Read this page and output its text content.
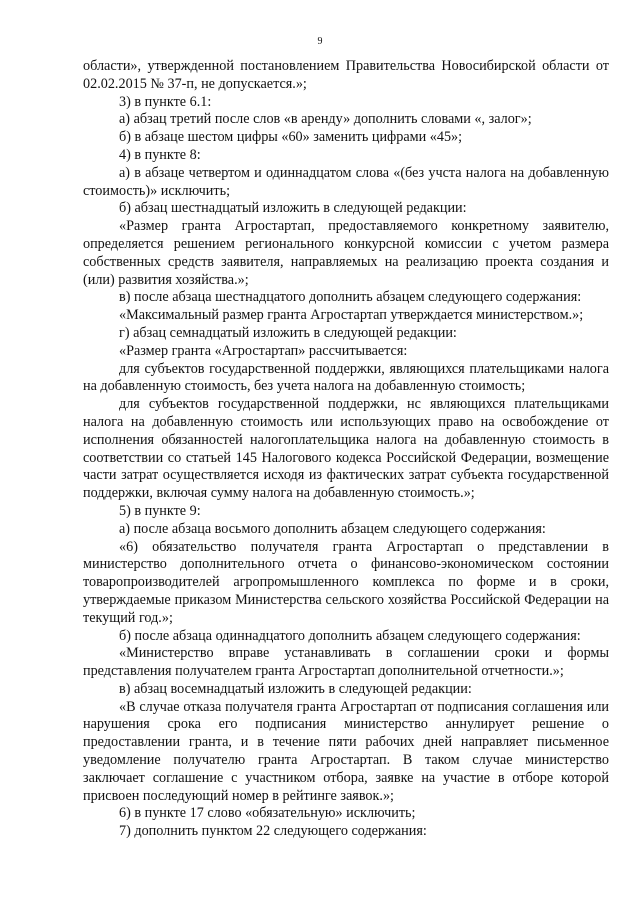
9

области», утвержденной постановлением Правительства Новосибирской области от 02.02.2015 № 37-п, не допускается.»;

3) в пункте 6.1:

а) абзац третий после слов «в аренду» дополнить словами «, залог»;

б) в абзаце шестом цифры «60» заменить цифрами «45»;

4) в пункте 8:

а) в абзаце четвертом и одиннадцатом слова «(без учста налога на добавленную стоимость)» исключить;

б) абзац шестнадцатый изложить в следующей редакции:

«Размер гранта Агростартап, предоставляемого конкретному заявителю, определяется решением регионального конкурсной комиссии с учетом размера собственных средств заявителя, направляемых на реализацию проекта создания и (или) развития хозяйства.»;

в) после абзаца шестнадцатого дополнить абзацем следующего содержания:

«Максимальный размер гранта Агростартап утверждается министерством.»;

г) абзац семнадцатый изложить в следующей редакции:

«Размер гранта «Агростартап» рассчитывается:

для субъектов государственной поддержки, являющихся плательщиками налога на добавленную стоимость, без учета налога на добавленную стоимость;

для субъектов государственной поддержки, нс являющихся плательщиками налога на добавленную стоимость или использующих право на освобождение от исполнения обязанностей налогоплательщика налога на добавленную стоимость в соответствии со статьей 145 Налогового кодекса Российской Федерации, возмещение части затрат осуществляется исходя из фактических затрат субъекта государственной поддержки, включая сумму налога на добавленную стоимость.»;

5) в пункте 9:

а) после абзаца восьмого дополнить абзацем следующего содержания:

«6) обязательство получателя гранта Агростартап о представлении в министерство дополнительного отчета о финансово-экономическом состоянии товаропроизводителей агропромышленного комплекса по форме и в сроки, утверждаемые приказом Министерства сельского хозяйства Российской Федерации на текущий год.»;

б) после абзаца одиннадцатого дополнить абзацем следующего содержания:

«Министерство вправе устанавливать в соглашении сроки и формы представления получателем гранта Агростартап дополнительной отчетности.»;

в) абзац восемнадцатый изложить в следующей редакции:

«В случае отказа получателя гранта Агростартап от подписания соглашения или нарушения срока его подписания министерство аннулирует решение о предоставлении гранта, и в течение пяти рабочих дней направляет письменное уведомление получателю гранта Агростартап. В таком случае министерство заключает соглашение с участником отбора, заявке на участие в отборе которой присвоен последующий номер в рейтинге заявок.»;

6) в пункте 17 слово «обязательную» исключить;

7) дополнить пунктом 22 следующего содержания:
